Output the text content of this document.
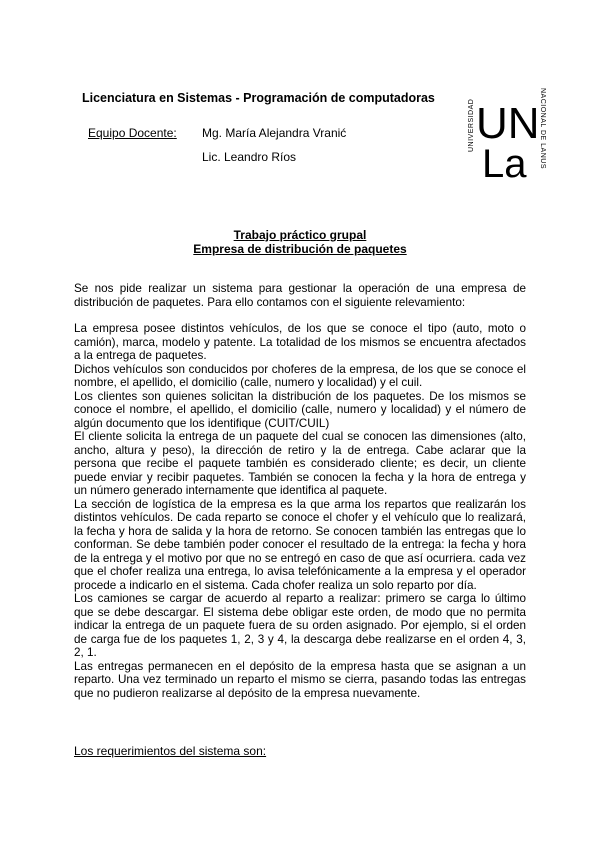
Licenciatura en Sistemas - Programación de computadoras
Equipo Docente: Mg. María Alejandra Vranić
Lic. Leandro Ríos
UNIVERSIDAD UN
La NACIONAL DE LANUS
Trabajo práctico grupal
Empresa de distribución de paquetes

Se nos pide realizar un sistema para gestionar la operación de una empresa de distribución de paquetes. Para ello contamos con el siguiente relevamiento:

La empresa posee distintos vehículos, de los que se conoce el tipo (auto, moto o camión), marca, modelo y patente. La totalidad de los mismos se encuentra afectados a la entrega de paquetes.

Dichos vehículos son conducidos por choferes de la empresa, de los que se conoce el nombre, el apellido, el domicilio (calle, numero y localidad) y el cuil.

Los clientes son quienes solicitan la distribución de los paquetes. De los mismos se conoce el nombre, el apellido, el domicilio (calle, numero y localidad) y el número de algún documento que los identifique (CUIT/CUIL)

El cliente solicita la entrega de un paquete del cual se conocen las dimensiones (alto, ancho, altura y peso), la dirección de retiro y la de entrega. Cabe aclarar que la persona que recibe el paquete también es considerado cliente; es decir, un cliente puede enviar y recibir paquetes. También se conocen la fecha y la hora de entrega y un número generado internamente que identifica al paquete.

La sección de logística de la empresa es la que arma los repartos que realizarán los distintos vehículos. De cada reparto se conoce el chofer y el vehículo que lo realizará, la fecha y hora de salida y la hora de retorno. Se conocen también las entregas que lo conforman. Se debe también poder conocer el resultado de la entrega: la fecha y hora de la entrega y el motivo por que no se entregó en caso de que así ocurriera. cada vez que el chofer realiza una entrega, lo avisa telefónicamente a la empresa y el operador procede a indicarlo en el sistema. Cada chofer realiza un solo reparto por día.

Los camiones se cargar de acuerdo al reparto a realizar: primero se carga lo último que se debe descargar. El sistema debe obligar este orden, de modo que no permita indicar la entrega de un paquete fuera de su orden asignado. Por ejemplo, si el orden de carga fue de los paquetes 1, 2, 3 y 4, la descarga debe realizarse en el orden 4, 3, 2, 1.

Las entregas permanecen en el depósito de la empresa hasta que se asignan a un reparto. Una vez terminado un reparto el mismo se cierra, pasando todas las entregas que no pudieron realizarse al depósito de la empresa nuevamente.

Los requerimientos del sistema son:
